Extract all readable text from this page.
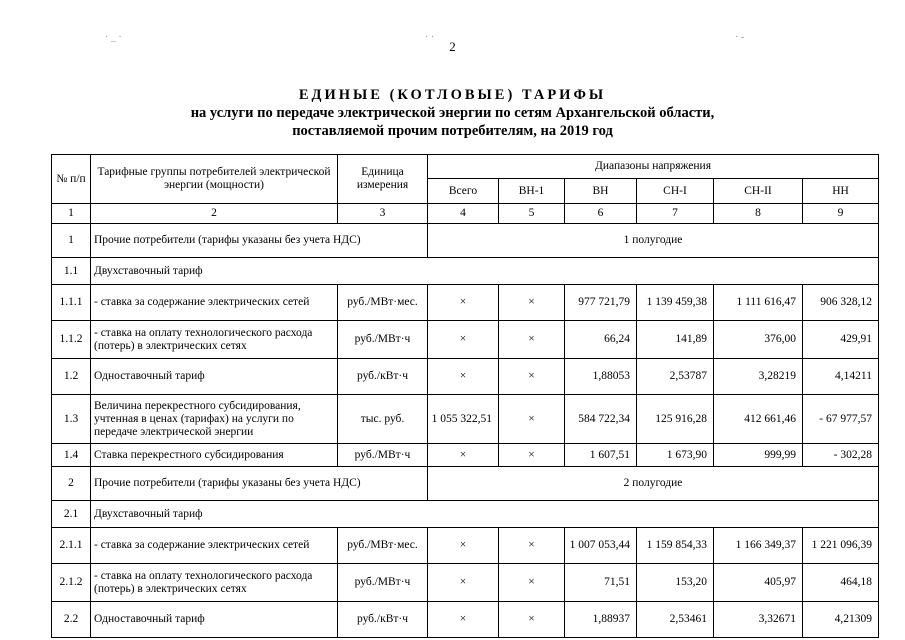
· _ ·	· ·	· -
2
ЕДИНЫЕ (КОТЛОВЫЕ) ТАРИФЫ
на услуги по передаче электрической энергии по сетям Архангельской области,
поставляемой прочим потребителям, на 2019 год
№ п/п	Тарифные группы потребителей электрической энергии (мощности)	Единица измерения	Диапазоны напряжения					
			Всего	ВН-1	ВН	СН-I	СН-II	НН
1	2	3	4	5	6	7	8	9
1	Прочие потребители (тарифы указаны без учета НДС)		1 полугодие					
1.1	Двухставочный тариф							
1.1.1	- ставка за содержание электрических сетей	руб./МВт·мес.	×	×	977 721,79	1 139 459,38	1 111 616,47	906 328,12
1.1.2	- ставка на оплату технологического расхода (потерь) в электрических сетях	руб./МВт·ч	×	×	66,24	141,89	376,00	429,91
1.2	Одноставочный тариф	руб./кВт·ч	×	×	1,88053	2,53787	3,28219	4,14211
1.3	Величина перекрестного субсидирования, учтенная в ценах (тарифах) на услуги по передаче электрической энергии	тыс. руб.	1 055 322,51	×	584 722,34	125 916,28	412 661,46	- 67 977,57
1.4	Ставка перекрестного субсидирования	руб./МВт·ч	×	×	1 607,51	1 673,90	999,99	- 302,28
2	Прочие потребители (тарифы указаны без учета НДС)		2 полугодие					
2.1	Двухставочный тариф							
2.1.1	- ставка за содержание электрических сетей	руб./МВт·мес.	×	×	1 007 053,44	1 159 854,33	1 166 349,37	1 221 096,39
2.1.2	- ставка на оплату технологического расхода (потерь) в электрических сетях	руб./МВт·ч	×	×	71,51	153,20	405,97	464,18
2.2	Одноставочный тариф	руб./кВт·ч	×	×	1,88937	2,53461	3,32671	4,21309
